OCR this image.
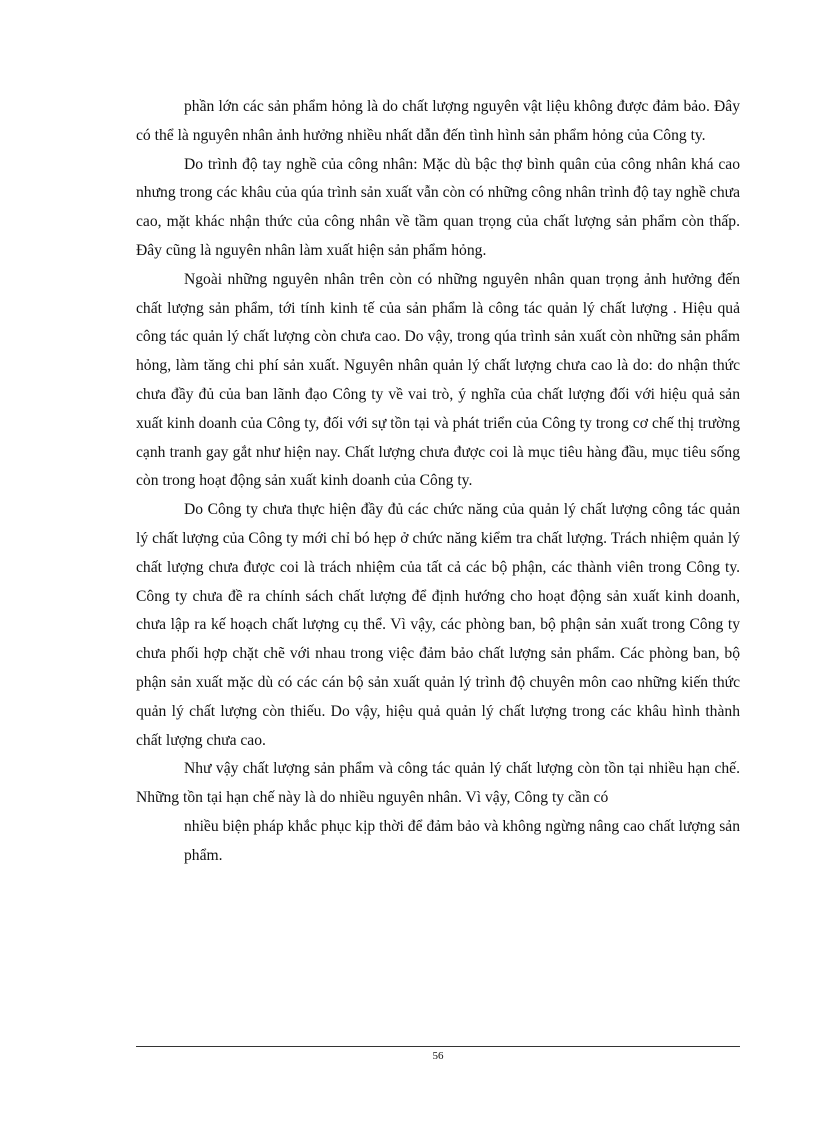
phần lớn các sản phẩm hỏng là do chất lượng nguyên vật liệu không được đảm bảo. Đây có thể là nguyên nhân ảnh hưởng nhiều nhất dẫn đến tình hình sản phẩm hỏng của Công ty.

Do trình độ tay nghề của công nhân: Mặc dù bậc thợ bình quân của công nhân khá cao nhưng trong các khâu của qúa trình sản xuất vẫn còn có những công nhân trình độ tay nghề chưa cao, mặt khác nhận thức của công nhân về tầm quan trọng của chất lượng sản phẩm còn thấp. Đây cũng là nguyên nhân làm xuất hiện sản phẩm hỏng.

Ngoài những nguyên nhân trên còn có những nguyên nhân quan trọng ảnh hưởng đến chất lượng sản phẩm, tới tính kinh tế của sản phẩm là công tác quản lý chất lượng . Hiệu quả công tác quản lý chất lượng còn chưa cao. Do vậy, trong qúa trình sản xuất còn những sản phẩm hỏng, làm tăng chi phí sản xuất. Nguyên nhân quản lý chất lượng chưa cao là do: do nhận thức chưa đầy đủ của ban lãnh đạo Công ty về vai trò, ý nghĩa của chất lượng đối với hiệu quả sản xuất kinh doanh của Công ty, đối với sự tồn tại và phát triển của Công ty trong cơ chế thị trường cạnh tranh gay gắt như hiện nay. Chất lượng chưa được coi là mục tiêu hàng đầu, mục tiêu sống còn trong hoạt động sản xuất kinh doanh của Công ty.

Do Công ty chưa thực hiện đầy đủ các chức năng của quản lý chất lượng công tác quản lý chất lượng của Công ty mới chỉ bó hẹp ở chức năng kiểm tra chất lượng. Trách nhiệm quản lý chất lượng chưa được coi là trách nhiệm của tất cả các bộ phận, các thành viên trong Công ty. Công ty chưa đề ra chính sách chất lượng để định hướng cho hoạt động sản xuất kinh doanh, chưa lập ra kế hoạch chất lượng cụ thể. Vì vậy, các phòng ban, bộ phận sản xuất trong Công ty chưa phối hợp chặt chẽ với nhau trong việc đảm bảo chất lượng sản phẩm. Các phòng ban, bộ phận sản xuất mặc dù có các cán bộ sản xuất quản lý trình độ chuyên môn cao những kiến thức quản lý chất lượng còn thiếu. Do vậy, hiệu quả quản lý chất lượng trong các khâu hình thành chất lượng chưa cao.

Như vậy chất lượng sản phẩm và công tác quản lý chất lượng còn tồn tại nhiều hạn chế. Những tồn tại hạn chế này là do nhiều nguyên nhân. Vì vậy, Công ty cần có

nhiều biện pháp khắc phục kịp thời để đảm bảo và không ngừng nâng cao chất lượng sản phẩm.

56
